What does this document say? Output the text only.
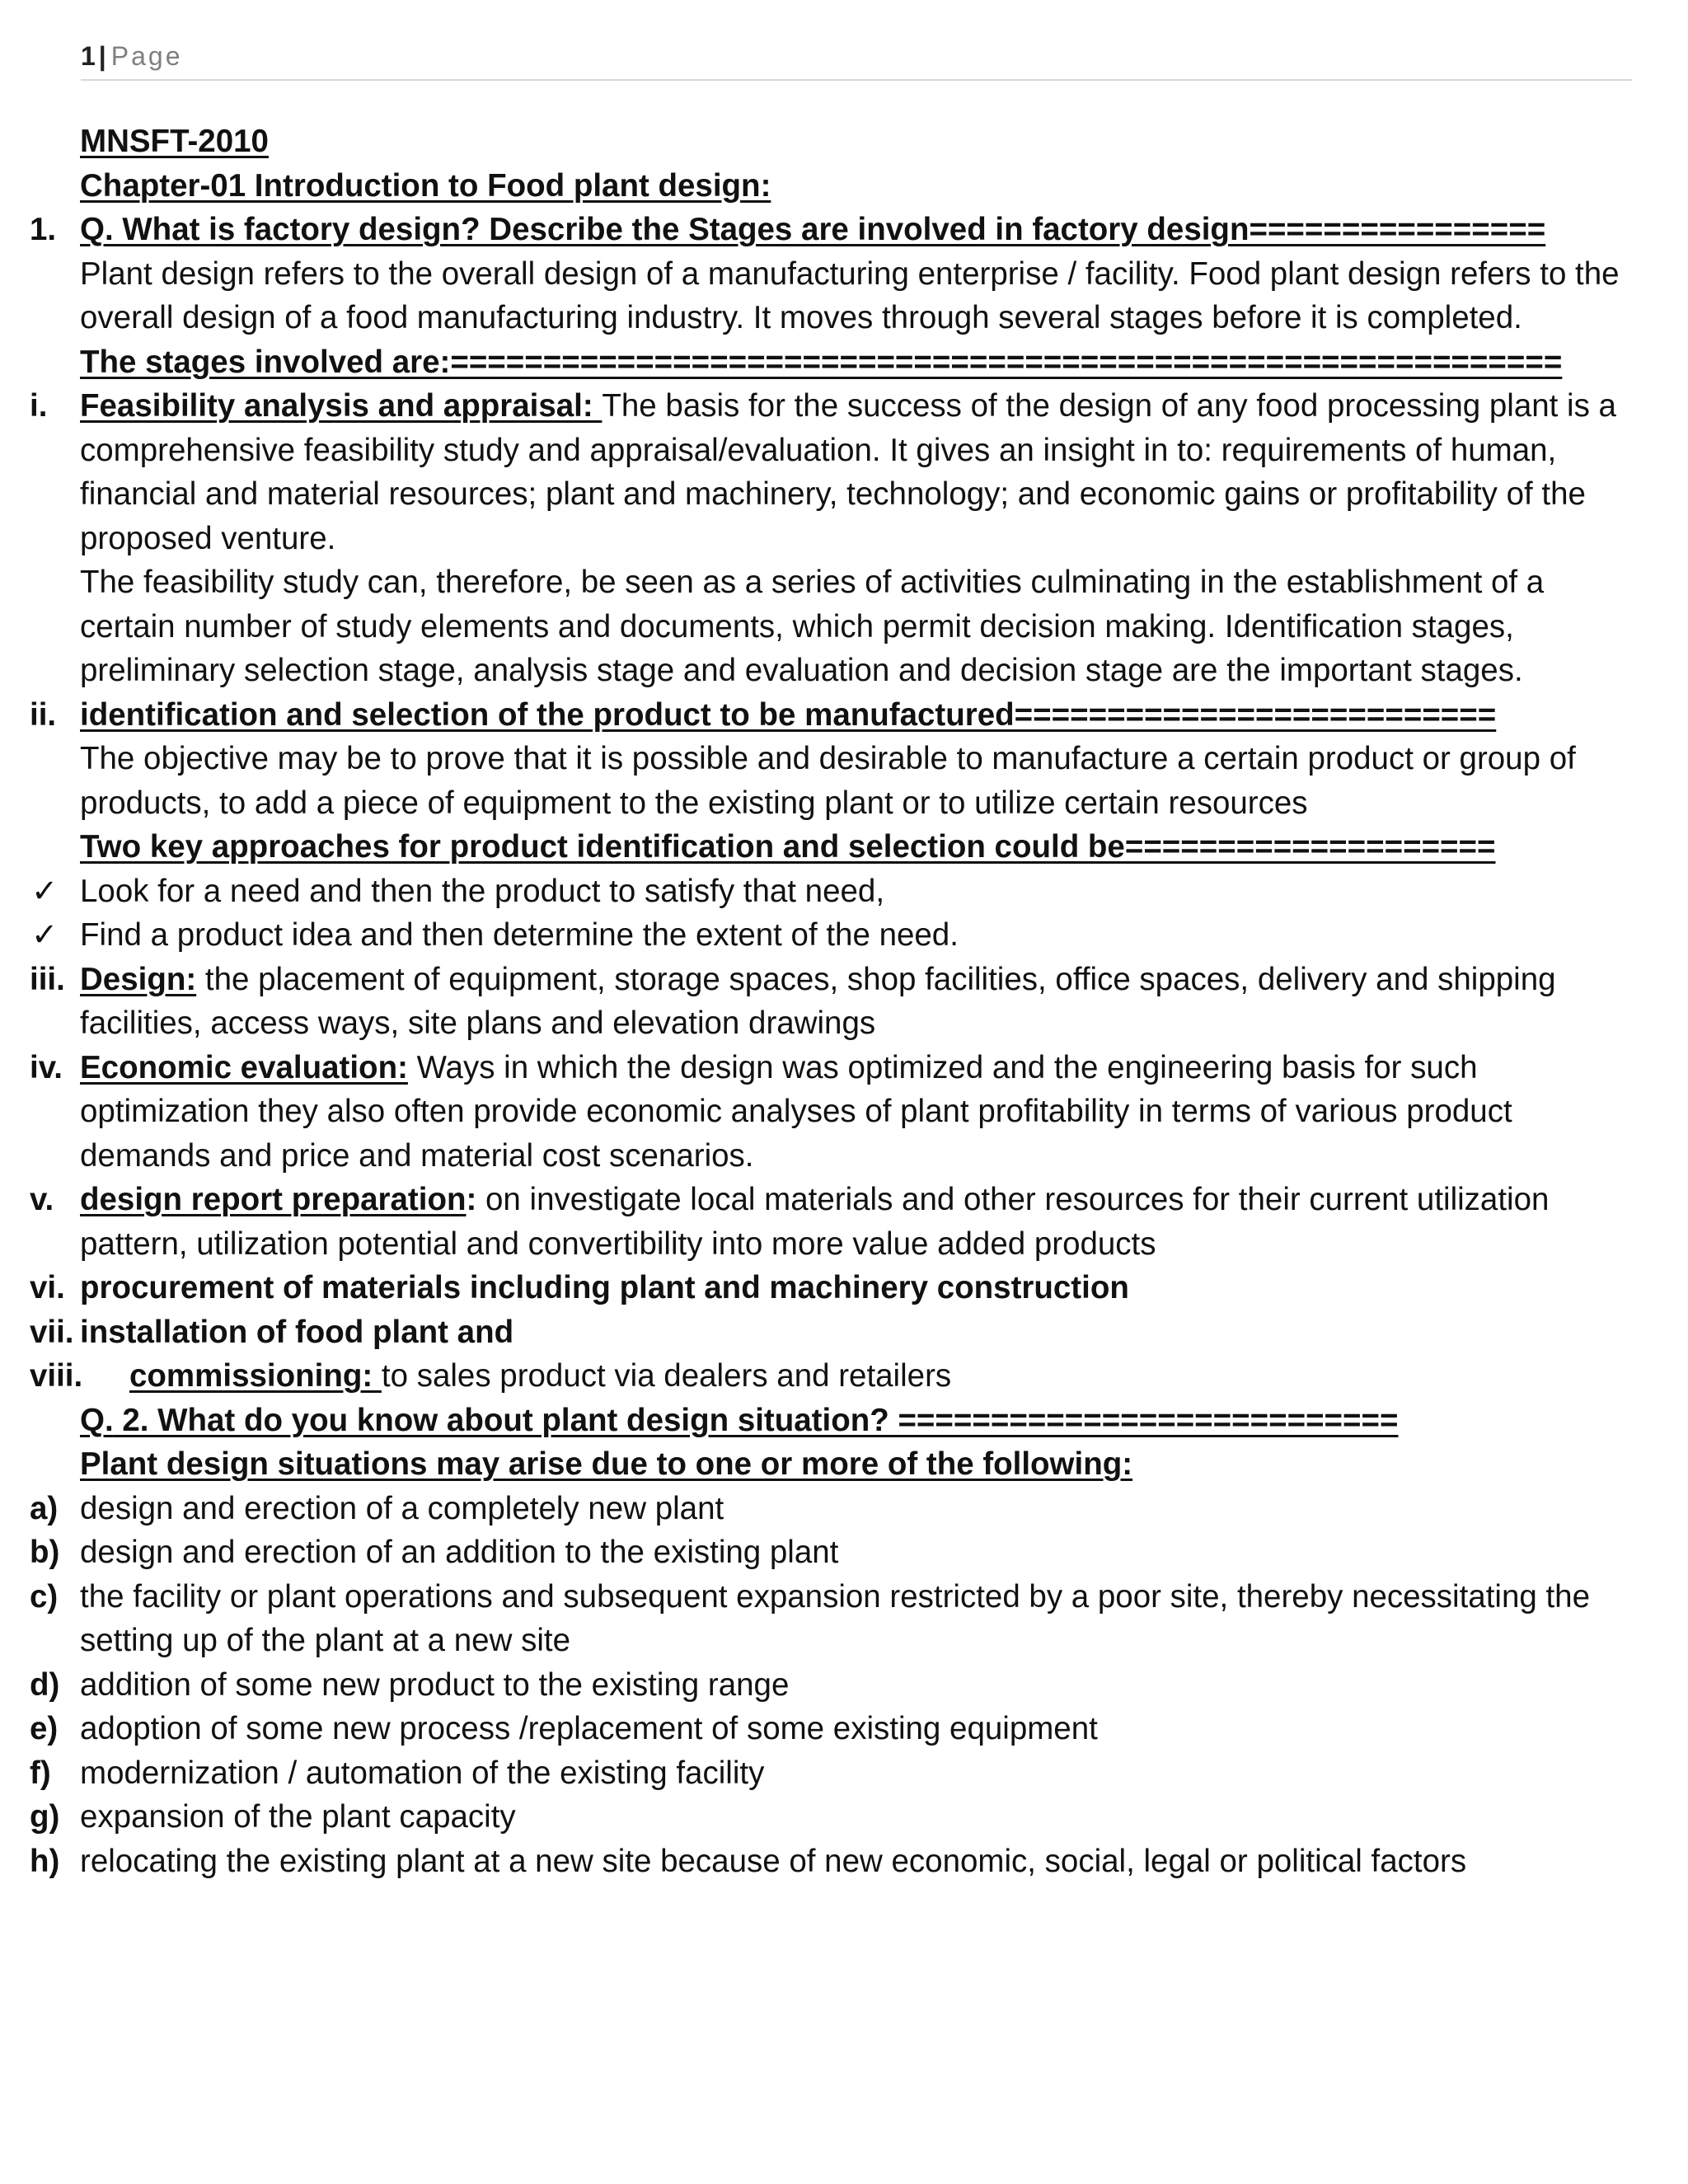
1 | Page
MNSFT-2010
Chapter-01 Introduction to Food plant design:
1. Q. What is factory design? Describe the Stages are involved in factory design================
Plant design refers to the overall design of a manufacturing enterprise / facility. Food plant design refers to the overall design of a food manufacturing industry. It moves through several stages before it is completed.
The stages involved are:============================================================
i. Feasibility analysis and appraisal: The basis for the success of the design of any food processing plant is a comprehensive feasibility study and appraisal/evaluation. It gives an insight in to: requirements of human, financial and material resources; plant and machinery, technology; and economic gains or profitability of the proposed venture.
The feasibility study can, therefore, be seen as a series of activities culminating in the establishment of a certain number of study elements and documents, which permit decision making. Identification stages, preliminary selection stage, analysis stage and evaluation and decision stage are the important stages.
ii. identification and selection of the product to be manufactured==========================
The objective may be to prove that it is possible and desirable to manufacture a certain product or group of products, to add a piece of equipment to the existing plant or to utilize certain resources
Two key approaches for product identification and selection could be====================
✓ Look for a need and then the product to satisfy that need,
✓ Find a product idea and then determine the extent of the need.
iii. Design: the placement of equipment, storage spaces, shop facilities, office spaces, delivery and shipping facilities, access ways, site plans and elevation drawings
iv. Economic evaluation: Ways in which the design was optimized and the engineering basis for such optimization they also often provide economic analyses of plant profitability in terms of various product demands and price and material cost scenarios.
v. design report preparation: on investigate local materials and other resources for their current utilization pattern, utilization potential and convertibility into more value added products
vi. procurement of materials including plant and machinery construction
vii. installation of food plant and
viii. commissioning: to sales product via dealers and retailers
Q. 2. What do you know about plant design situation? ===========================
Plant design situations may arise due to one or more of the following:
a) design and erection of a completely new plant
b) design and erection of an addition to the existing plant
c) the facility or plant operations and subsequent expansion restricted by a poor site, thereby necessitating the setting up of the plant at a new site
d) addition of some new product to the existing range
e) adoption of some new process /replacement of some existing equipment
f) modernization / automation of the existing facility
g) expansion of the plant capacity
h) relocating the existing plant at a new site because of new economic, social, legal or political factors
